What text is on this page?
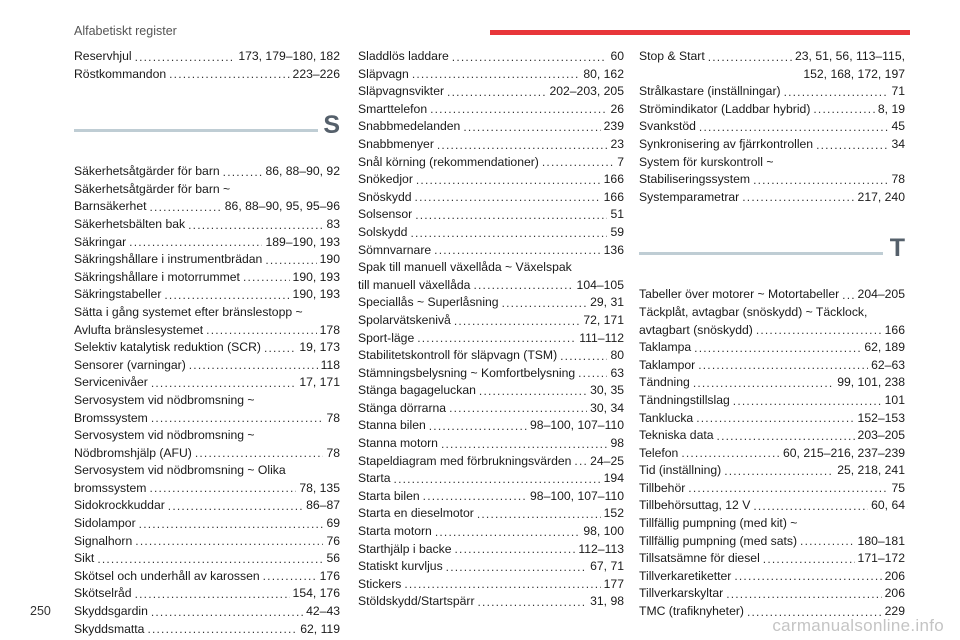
Alfabetiskt register
Reservhjul .....	173, 179–180, 182
Röstkommandon .....	223–226
S
Säkerhetsåtgärder för barn .....	86, 88–90, 92
Säkerhetsåtgärder för barn ~
Barnsäkerhet .....	86, 88–90, 95, 95–96
Säkerhetsbälten bak .....	83
Säkringar .....	189–190, 193
Säkringshållare i instrumentbrädan .....	190
Säkringshållare i motorrummet .....	190, 193
Säkringstabeller .....	190, 193
Sätta i gång systemet efter bränslestopp ~
Avlufta bränslesystemet .....	178
Selektiv katalytisk reduktion (SCR) .....	19, 173
Sensorer (varningar) .....	118
Servicenivåer .....	17, 171
Servosystem vid nödbromsning ~
Bromssystem .....	78
Servosystem vid nödbromsning ~
Nödbromshjälp (AFU) .....	78
Servosystem vid nödbromsning ~ Olika
bromssystem .....	78, 135
Sidokrockkuddar .....	86–87
Sidolampor .....	69
Signalhorn .....	76
Sikt .....	56
Skötsel och underhåll av karossen .....	176
Skötselråd .....	154, 176
Skyddsgardin .....	42–43
Skyddsmatta .....	62, 119
Sladdlös laddare .....	60
Släpvagn .....	80, 162
Släpvagnsvikter .....	202–203, 205
Smarttelefon .....	26
Snabbmedelanden .....	239
Snabbmenyer .....	23
Snål körning (rekommendationer) .....	7
Snökedjor .....	166
Snöskydd .....	166
Solsensor .....	51
Solskydd .....	59
Sömnvarnare .....	136
Spak till manuell växellåda ~ Växelspak
till manuell växellåda .....	104–105
Speciallås ~ Superlåsning .....	29, 31
Spolarvätskenivå .....	72, 171
Sport-läge .....	111–112
Stabilitetskontroll för släpvagn (TSM) .....	80
Stämningsbelysning ~ Komfortbelysning .....	63
Stänga bagageluckan .....	30, 35
Stänga dörrarna .....	30, 34
Stanna bilen .....	98–100, 107–110
Stanna motorn .....	98
Stapeldiagram med förbrukningsvärden ..... 24–25
Starta .....	194
Starta bilen .....	98–100, 107–110
Starta en dieselmotor .....	152
Starta motorn .....	98, 100
Starthjälp i backe .....	112–113
Statiskt kurvljus .....	67, 71
Stickers .....	177
Stöldskydd/Startspärr .....	31, 98
Stop & Start .....	23, 51, 56, 113–115,
152, 168, 172, 197
Strålkastare (inställningar) .....	71
Strömindikator (Laddbar hybrid) .....	8, 19
Svankstöd .....	45
Synkronisering av fjärrkontrollen .....	34
System för kurskontroll ~
Stabiliseringssystem .....	78
Systemparametrar .....	217, 240
T
Tabeller över motorer ~ Motortabeller ..... 204–205
Täckplåt, avtagbar (snöskydd) ~ Täcklock,
avtagbart (snöskydd) .....	166
Taklampa .....	62, 189
Taklampor .....	62–63
Tändning .....	99, 101, 238
Tändningstillslag .....	101
Tanklucka .....	152–153
Tekniska data .....	203–205
Telefon .....	60, 215–216, 237–239
Tid (inställning) .....	25, 218, 241
Tillbehör .....	75
Tillbehörsuttag, 12 V .....	60, 64
Tillfällig pumpning (med kit) ~
Tillfällig pumpning (med sats) .....	180–181
Tillsatsämne för diesel .....	171–172
Tillverkaretiketter .....	206
Tillverkarskyltar .....	206
TMC (trafiknyheter) .....	229
250
carmanualsonline.info
